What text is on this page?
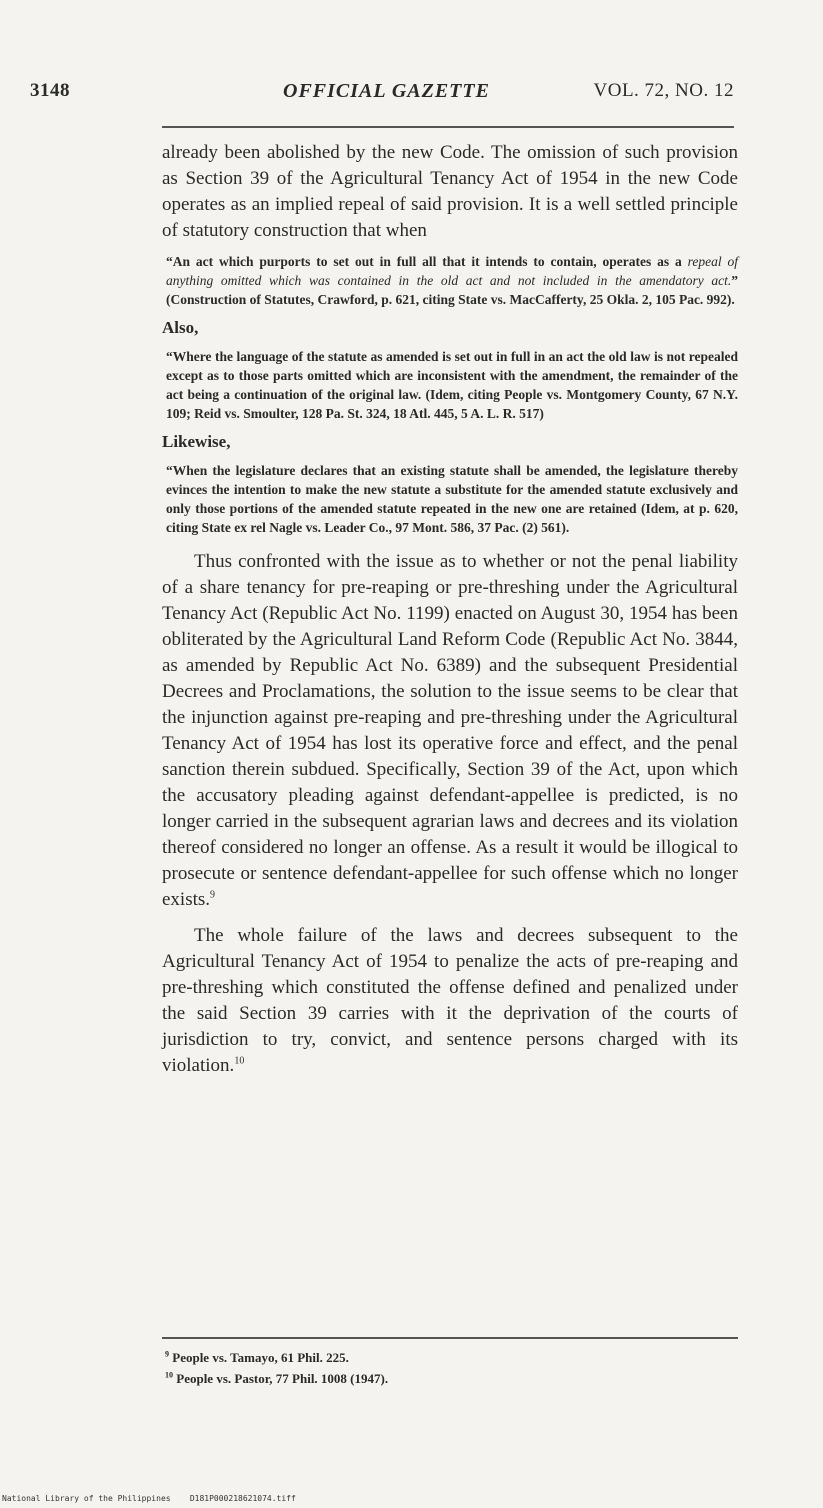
3148	OFFICIAL GAZETTE	VOL. 72, NO. 12

already been abolished by the new Code. The omission of such provision as Section 39 of the Agricultural Tenancy Act of 1954 in the new Code operates as an implied repeal of said provision. It is a well settled principle of statutory construction that when

“An act which purports to set out in full all that it intends to contain, operates as a repeal of anything omitted which was contained in the old act and not included in the amendatory act.” (Construction of Statutes, Crawford, p. 621, citing State vs. MacCafferty, 25 Okla. 2, 105 Pac. 992).

Also,

“Where the language of the statute as amended is set out in full in an act the old law is not repealed except as to those parts omitted which are inconsistent with the amendment, the remainder of the act being a continuation of the original law. (Idem, citing People vs. Montgomery County, 67 N.Y. 109; Reid vs. Smoulter, 128 Pa. St. 324, 18 Atl. 445, 5 A. L. R. 517)

Likewise,

“When the legislature declares that an existing statute shall be amended, the legislature thereby evinces the intention to make the new statute a substitute for the amended statute exclusively and only those portions of the amended statute repeated in the new one are retained (Idem, at p. 620, citing State ex rel Nagle vs. Leader Co., 97 Mont. 586, 37 Pac. (2) 561).

Thus confronted with the issue as to whether or not the penal liability of a share tenancy for pre-reaping or pre-threshing under the Agricultural Tenancy Act (Republic Act No. 1199) enacted on August 30, 1954 has been obliterated by the Agricultural Land Reform Code (Republic Act No. 3844, as amended by Republic Act No. 6389) and the subsequent Presidential Decrees and Proclamations, the solution to the issue seems to be clear that the injunction against pre-reaping and pre-threshing under the Agricultural Tenancy Act of 1954 has lost its operative force and effect, and the penal sanction therein subdued. Specifically, Section 39 of the Act, upon which the accusatory pleading against defendant-appellee is predicted, is no longer carried in the subsequent agrarian laws and decrees and its violation thereof considered no longer an offense. As a result it would be illogical to prosecute or sentence defendant-appellee for such offense which no longer exists.$^9$

The whole failure of the laws and decrees subsequent to the Agricultural Tenancy Act of 1954 to penalize the acts of pre-reaping and pre-threshing which constituted the offense defined and penalized under the said Section 39 carries with it the deprivation of the courts of jurisdiction to try, convict, and sentence persons charged with its violation.$^{10}$

$^9$ People vs. Tamayo, 61 Phil. 225.
$^{10}$ People vs. Pastor, 77 Phil. 1008 (1947).
National Library of the Philippines    D181P000218621074.tiff
